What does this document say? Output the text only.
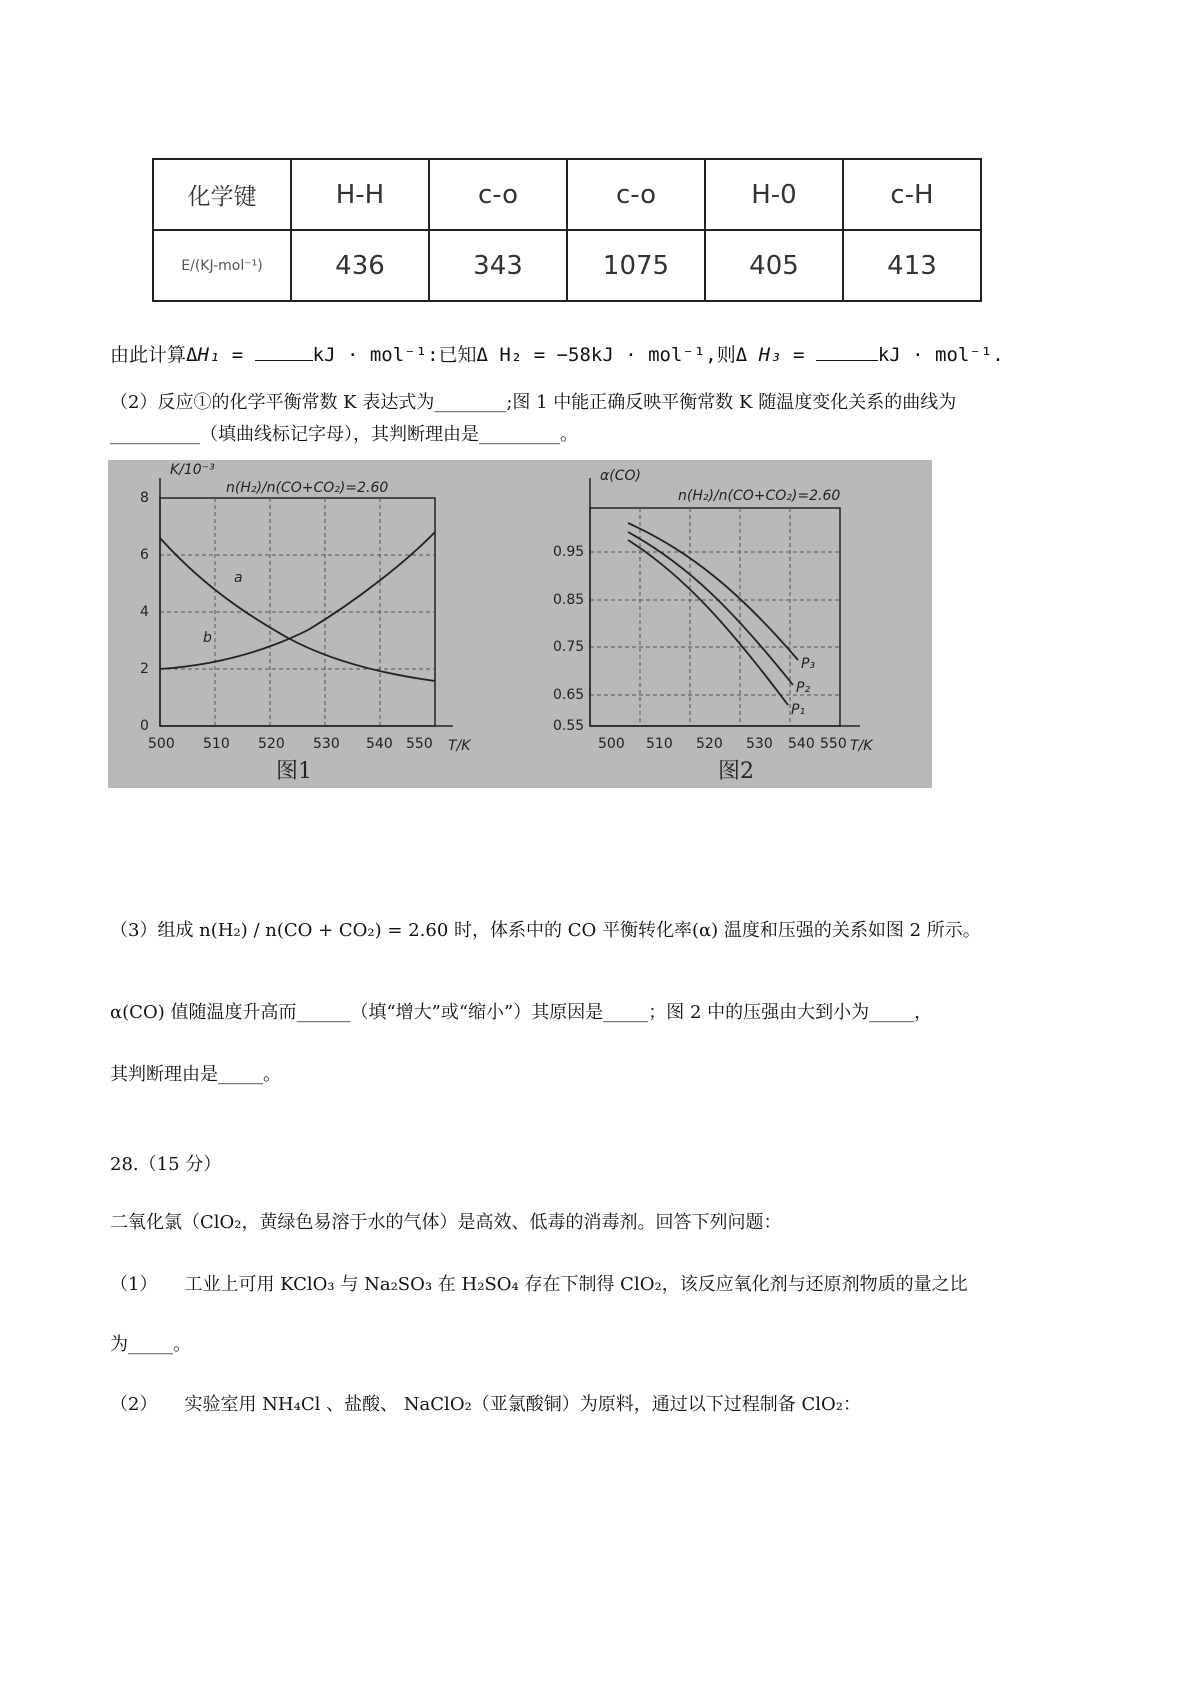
化学键	H-H	c-o	c-o	H-0	c-H
E/(KJ-mol⁻¹)	436	343	1075	405	413
由此计算ΔH₁ =	kJ · mol⁻¹:已知Δ H₂ = −58kJ · mol⁻¹,则Δ H₃ =	kJ · mol⁻¹.
（2）反应①的化学平衡常数 K 表达式为________;图 1 中能正确反映平衡常数 K 随温度变化关系的曲线为
__________（填曲线标记字母），其判断理由是_________。
K/10⁻³
n(H₂)/n(CO+CO₂)=2.60
T/K
图1
a
b
0
2
4
6
8
500 510 520 530 540 550
α(CO)
n(H₂)/n(CO+CO₂)=2.60
T/K
图2
P₃
P₂
P₁
0.55
0.65
0.75
0.85
0.95
500 510 520 530 540 550
（3）组成 n(H₂) / n(CO + CO₂) = 2.60 时，体系中的 CO 平衡转化率(α) 温度和压强的关系如图 2 所示。
α(CO) 值随温度升高而______（填“增大”或“缩小”）其原因是_____；图 2 中的压强由大到小为_____，
其判断理由是_____。
28.（15 分）
二氧化氯（ClO₂，黄绿色易溶于水的气体）是高效、低毒的消毒剂。回答下列问题：
（1）　　工业上可用 KClO₃ 与 Na₂SO₃ 在 H₂SO₄ 存在下制得 ClO₂，该反应氧化剂与还原剂物质的量之比
为_____。
（2）　　实验室用 NH₄Cl 、盐酸、 NaClO₂（亚氯酸铜）为原料，通过以下过程制备 ClO₂：
